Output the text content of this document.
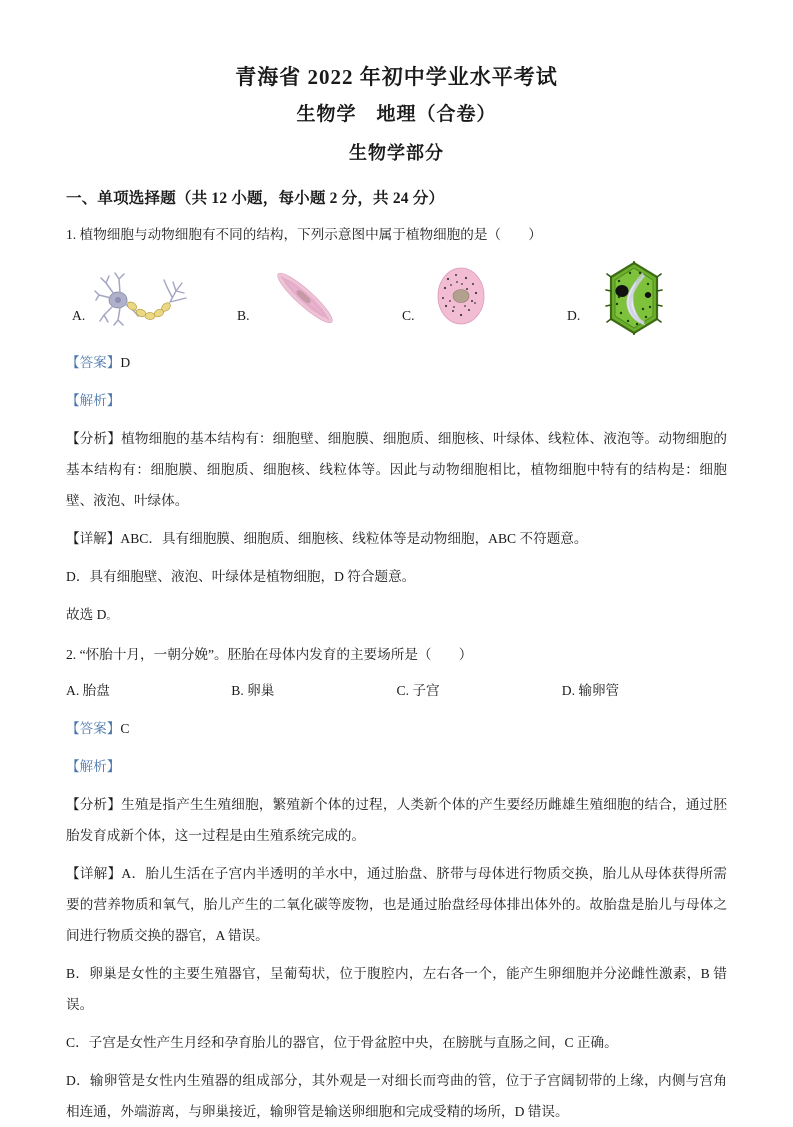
青海省 2022 年初中学业水平考试
生物学　地理（合卷）
生物学部分
一、单项选择题（共 12 小题，每小题 2 分，共 24 分）
1. 植物细胞与动物细胞有不同的结构，下列示意图中属于植物细胞的是（　　）
A.	B.	C.	D.
【答案】D
【解析】
【分析】植物细胞的基本结构有：细胞壁、细胞膜、细胞质、细胞核、叶绿体、线粒体、液泡等。动物细胞的基本结构有：细胞膜、细胞质、细胞核、线粒体等。因此与动物细胞相比，植物细胞中特有的结构是：细胞壁、液泡、叶绿体。
【详解】ABC．具有细胞膜、细胞质、细胞核、线粒体等是动物细胞，ABC 不符题意。
D．具有细胞壁、液泡、叶绿体是植物细胞，D 符合题意。
故选 D。
2. “怀胎十月，一朝分娩”。胚胎在母体内发育的主要场所是（　　）
A. 胎盘	B. 卵巢	C. 子宫	D. 输卵管
【答案】C
【解析】
【分析】生殖是指产生生殖细胞，繁殖新个体的过程，人类新个体的产生要经历雌雄生殖细胞的结合，通过胚胎发育成新个体，这一过程是由生殖系统完成的。
【详解】A．胎儿生活在子宫内半透明的羊水中，通过胎盘、脐带与母体进行物质交换，胎儿从母体获得所需要的营养物质和氧气，胎儿产生的二氧化碳等废物，也是通过胎盘经母体排出体外的。故胎盘是胎儿与母体之间进行物质交换的器官，A 错误。
B．卵巢是女性的主要生殖器官，呈葡萄状，位于腹腔内，左右各一个，能产生卵细胞并分泌雌性激素，B 错误。
C．子宫是女性产生月经和孕育胎儿的器官，位于骨盆腔中央，在膀胱与直肠之间，C 正确。
D．输卵管是女性内生殖器的组成部分，其外观是一对细长而弯曲的管，位于子宫阔韧带的上缘，内侧与宫角相连通，外端游离，与卵巢接近，输卵管是输送卵细胞和完成受精的场所，D 错误。
